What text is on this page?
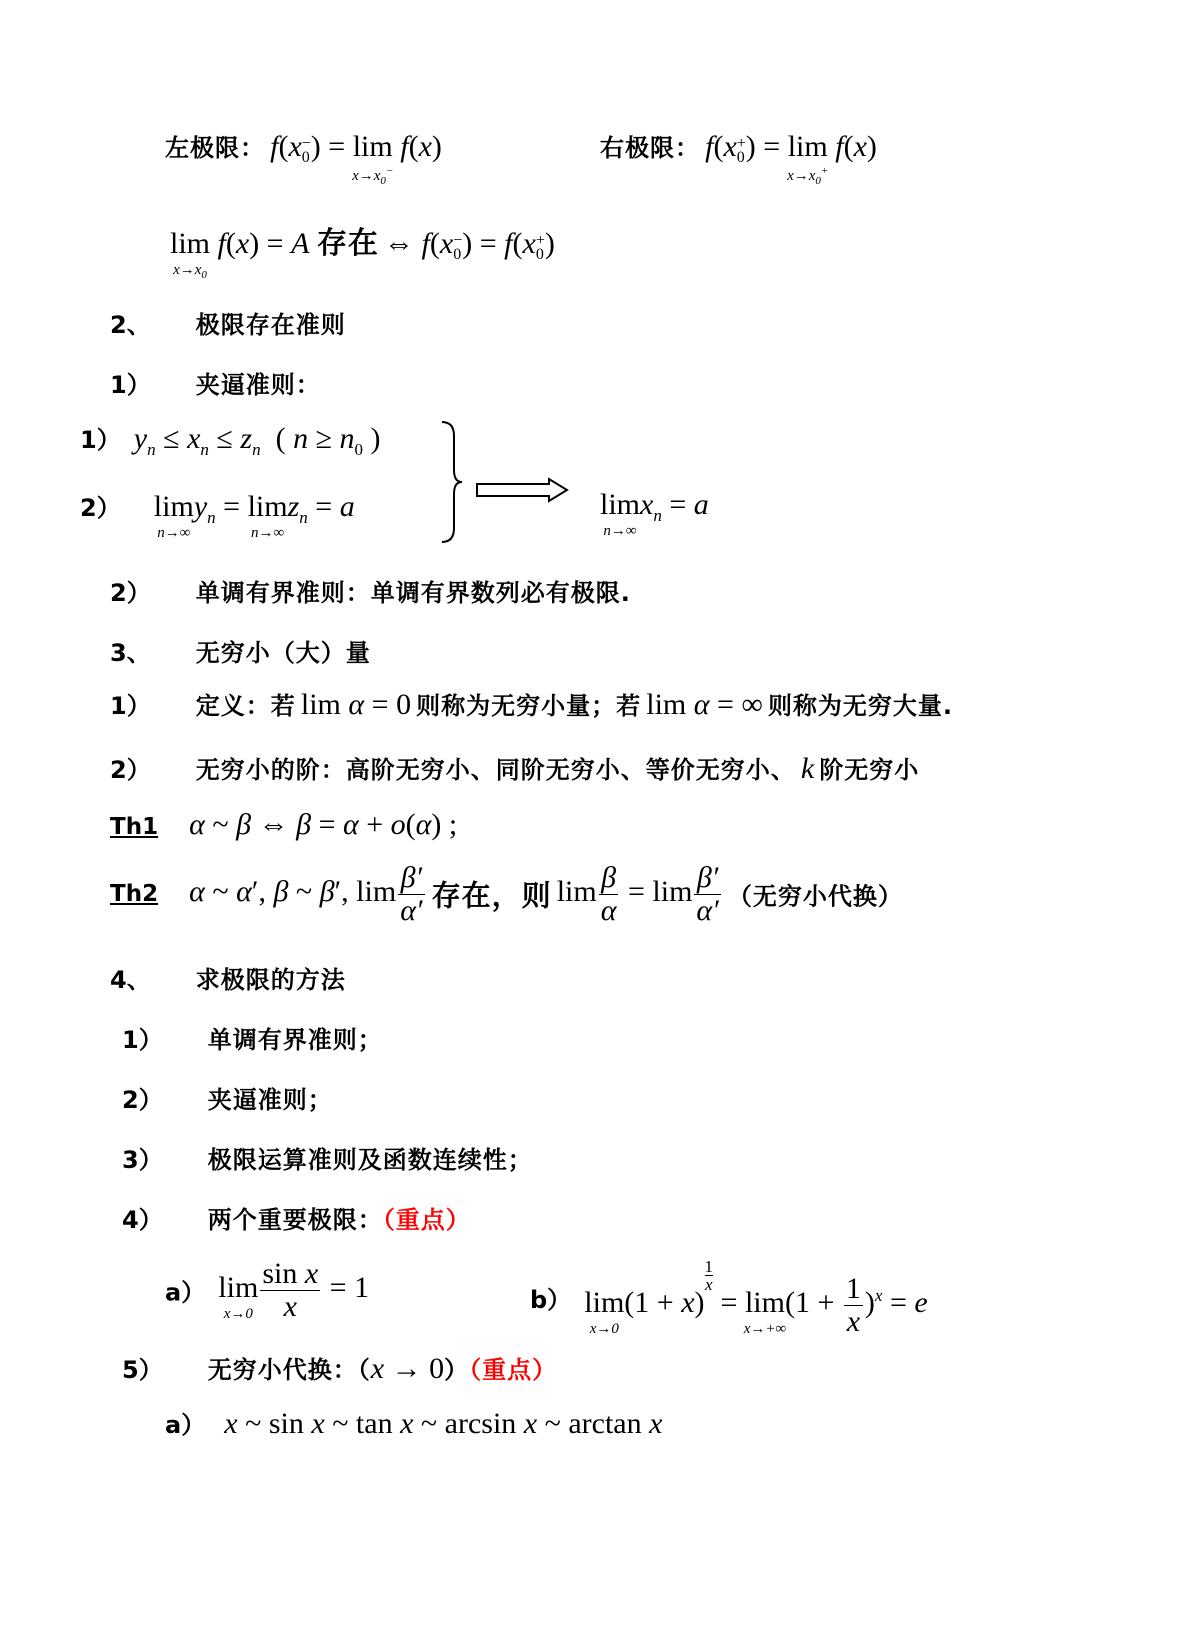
左极限： f(x−
0) = lim
$x\to x_0^-$
f(x)	右极限： f(x+
0) = lim
$x\to x_0^+$
f(x)
lim
$x\to x_0$
f(x) = A 存在 ⇔ f(x−
0) = f(x+
0)
2、 极限存在准则
1） 夹逼准则：
1） $y_n \le x_n \le z_n$  ( $n \ge n_0$ )
2） lim
n→∞
$y_n = \lim$
n→∞
$z_n = a$	lim
n→∞
$x_n = a$
2） 单调有界准则：单调有界数列必有极限.
3、 无穷小（大）量
1） 定义：若 lim α = 0 则称为无穷小量；若 lim α = ∞ 则称为无穷大量.
2） 无穷小的阶：高阶无穷小、同阶无穷小、等价无穷小、 k 阶无穷小
Th1 α ~ β ⇔ β = α + o(α) ;
Th2 α ~ α′, β ~ β′, $\lim \frac{\beta'}{\alpha'}$ 存在，则 $\lim \frac{\beta}{\alpha} = \lim \frac{\beta'}{\alpha'}$ （无穷小代换）
4、 求极限的方法
1） 单调有界准则；
2） 夹逼准则；
3） 极限运算准则及函数连续性；
4） 两个重要极限：（重点）
a） lim
$x\to 0 \frac{\text{sin x}}{x} = 1$	b） lim
x→0
(1 + x)
$\frac{1}{x}$
= lim
x→+∞
$(1 + \frac{1}{x} )^x = e$
5） 无穷小代换：（x → 0）（重点）
a） x ~ sin x ~ tan x ~ arcsin x ~ arctan x
